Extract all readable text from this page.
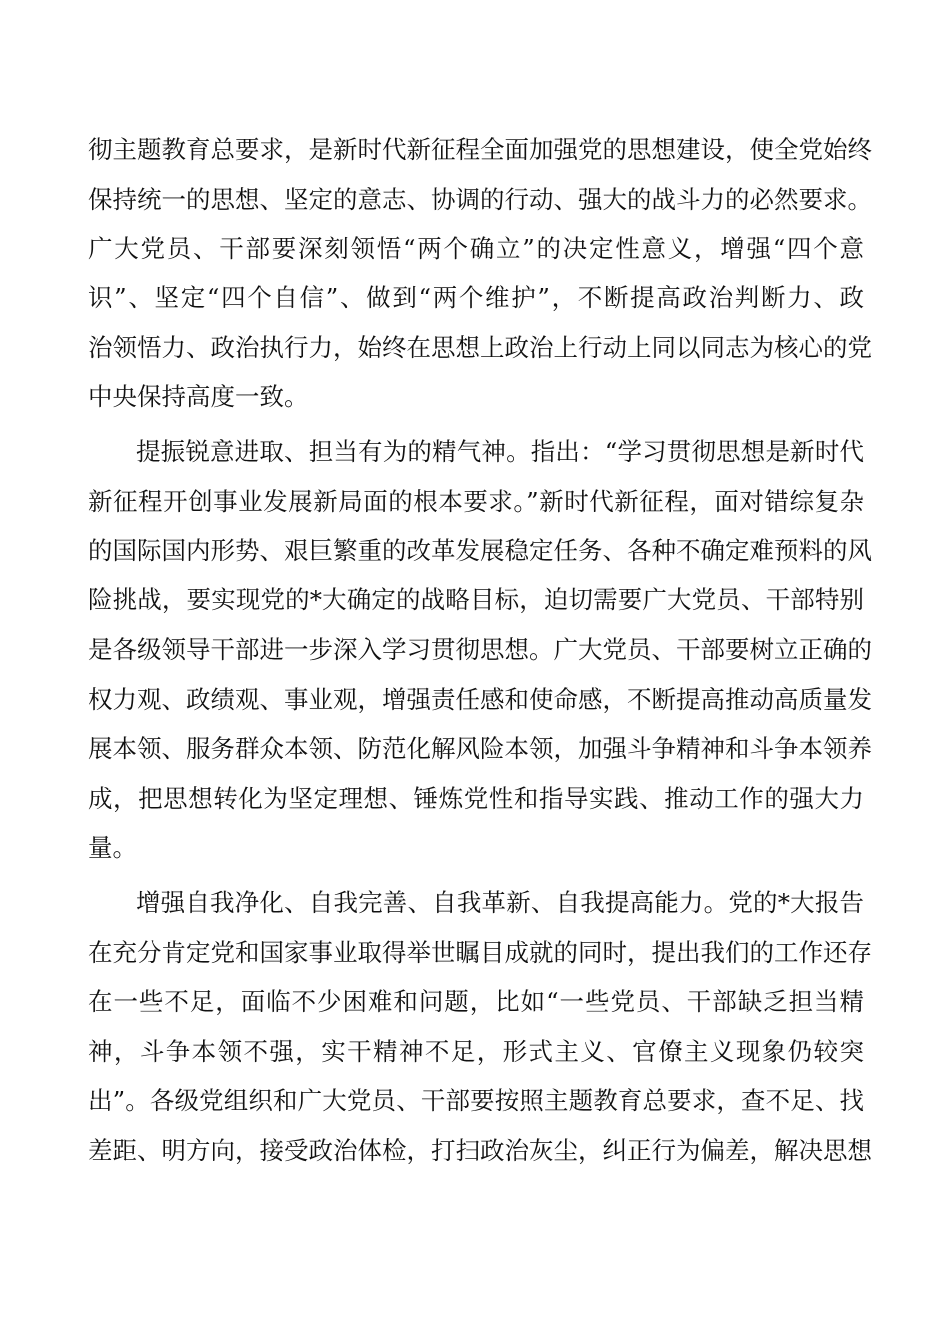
彻主题教育总要求，是新时代新征程全面加强党的思想建设，使全党始终
保持统一的思想、坚定的意志、协调的行动、强大的战斗力的必然要求。
广大党员、干部要深刻领悟“两个确立”的决定性意义，增强“四个意
识”、坚定“四个自信”、做到“两个维护”，不断提高政治判断力、政
治领悟力、政治执行力，始终在思想上政治上行动上同以同志为核心的党
中央保持高度一致。
提振锐意进取、担当有为的精气神。指出：“学习贯彻思想是新时代
新征程开创事业发展新局面的根本要求。”新时代新征程，面对错综复杂
的国际国内形势、艰巨繁重的改革发展稳定任务、各种不确定难预料的风
险挑战，要实现党的*大确定的战略目标，迫切需要广大党员、干部特别
是各级领导干部进一步深入学习贯彻思想。广大党员、干部要树立正确的
权力观、政绩观、事业观，增强责任感和使命感，不断提高推动高质量发
展本领、服务群众本领、防范化解风险本领，加强斗争精神和斗争本领养
成，把思想转化为坚定理想、锤炼党性和指导实践、推动工作的强大力
量。
增强自我净化、自我完善、自我革新、自我提高能力。党的*大报告
在充分肯定党和国家事业取得举世瞩目成就的同时，提出我们的工作还存
在一些不足，面临不少困难和问题，比如“一些党员、干部缺乏担当精
神，斗争本领不强，实干精神不足，形式主义、官僚主义现象仍较突
出”。各级党组织和广大党员、干部要按照主题教育总要求，查不足、找
差距、明方向，接受政治体检，打扫政治灰尘，纠正行为偏差，解决思想
